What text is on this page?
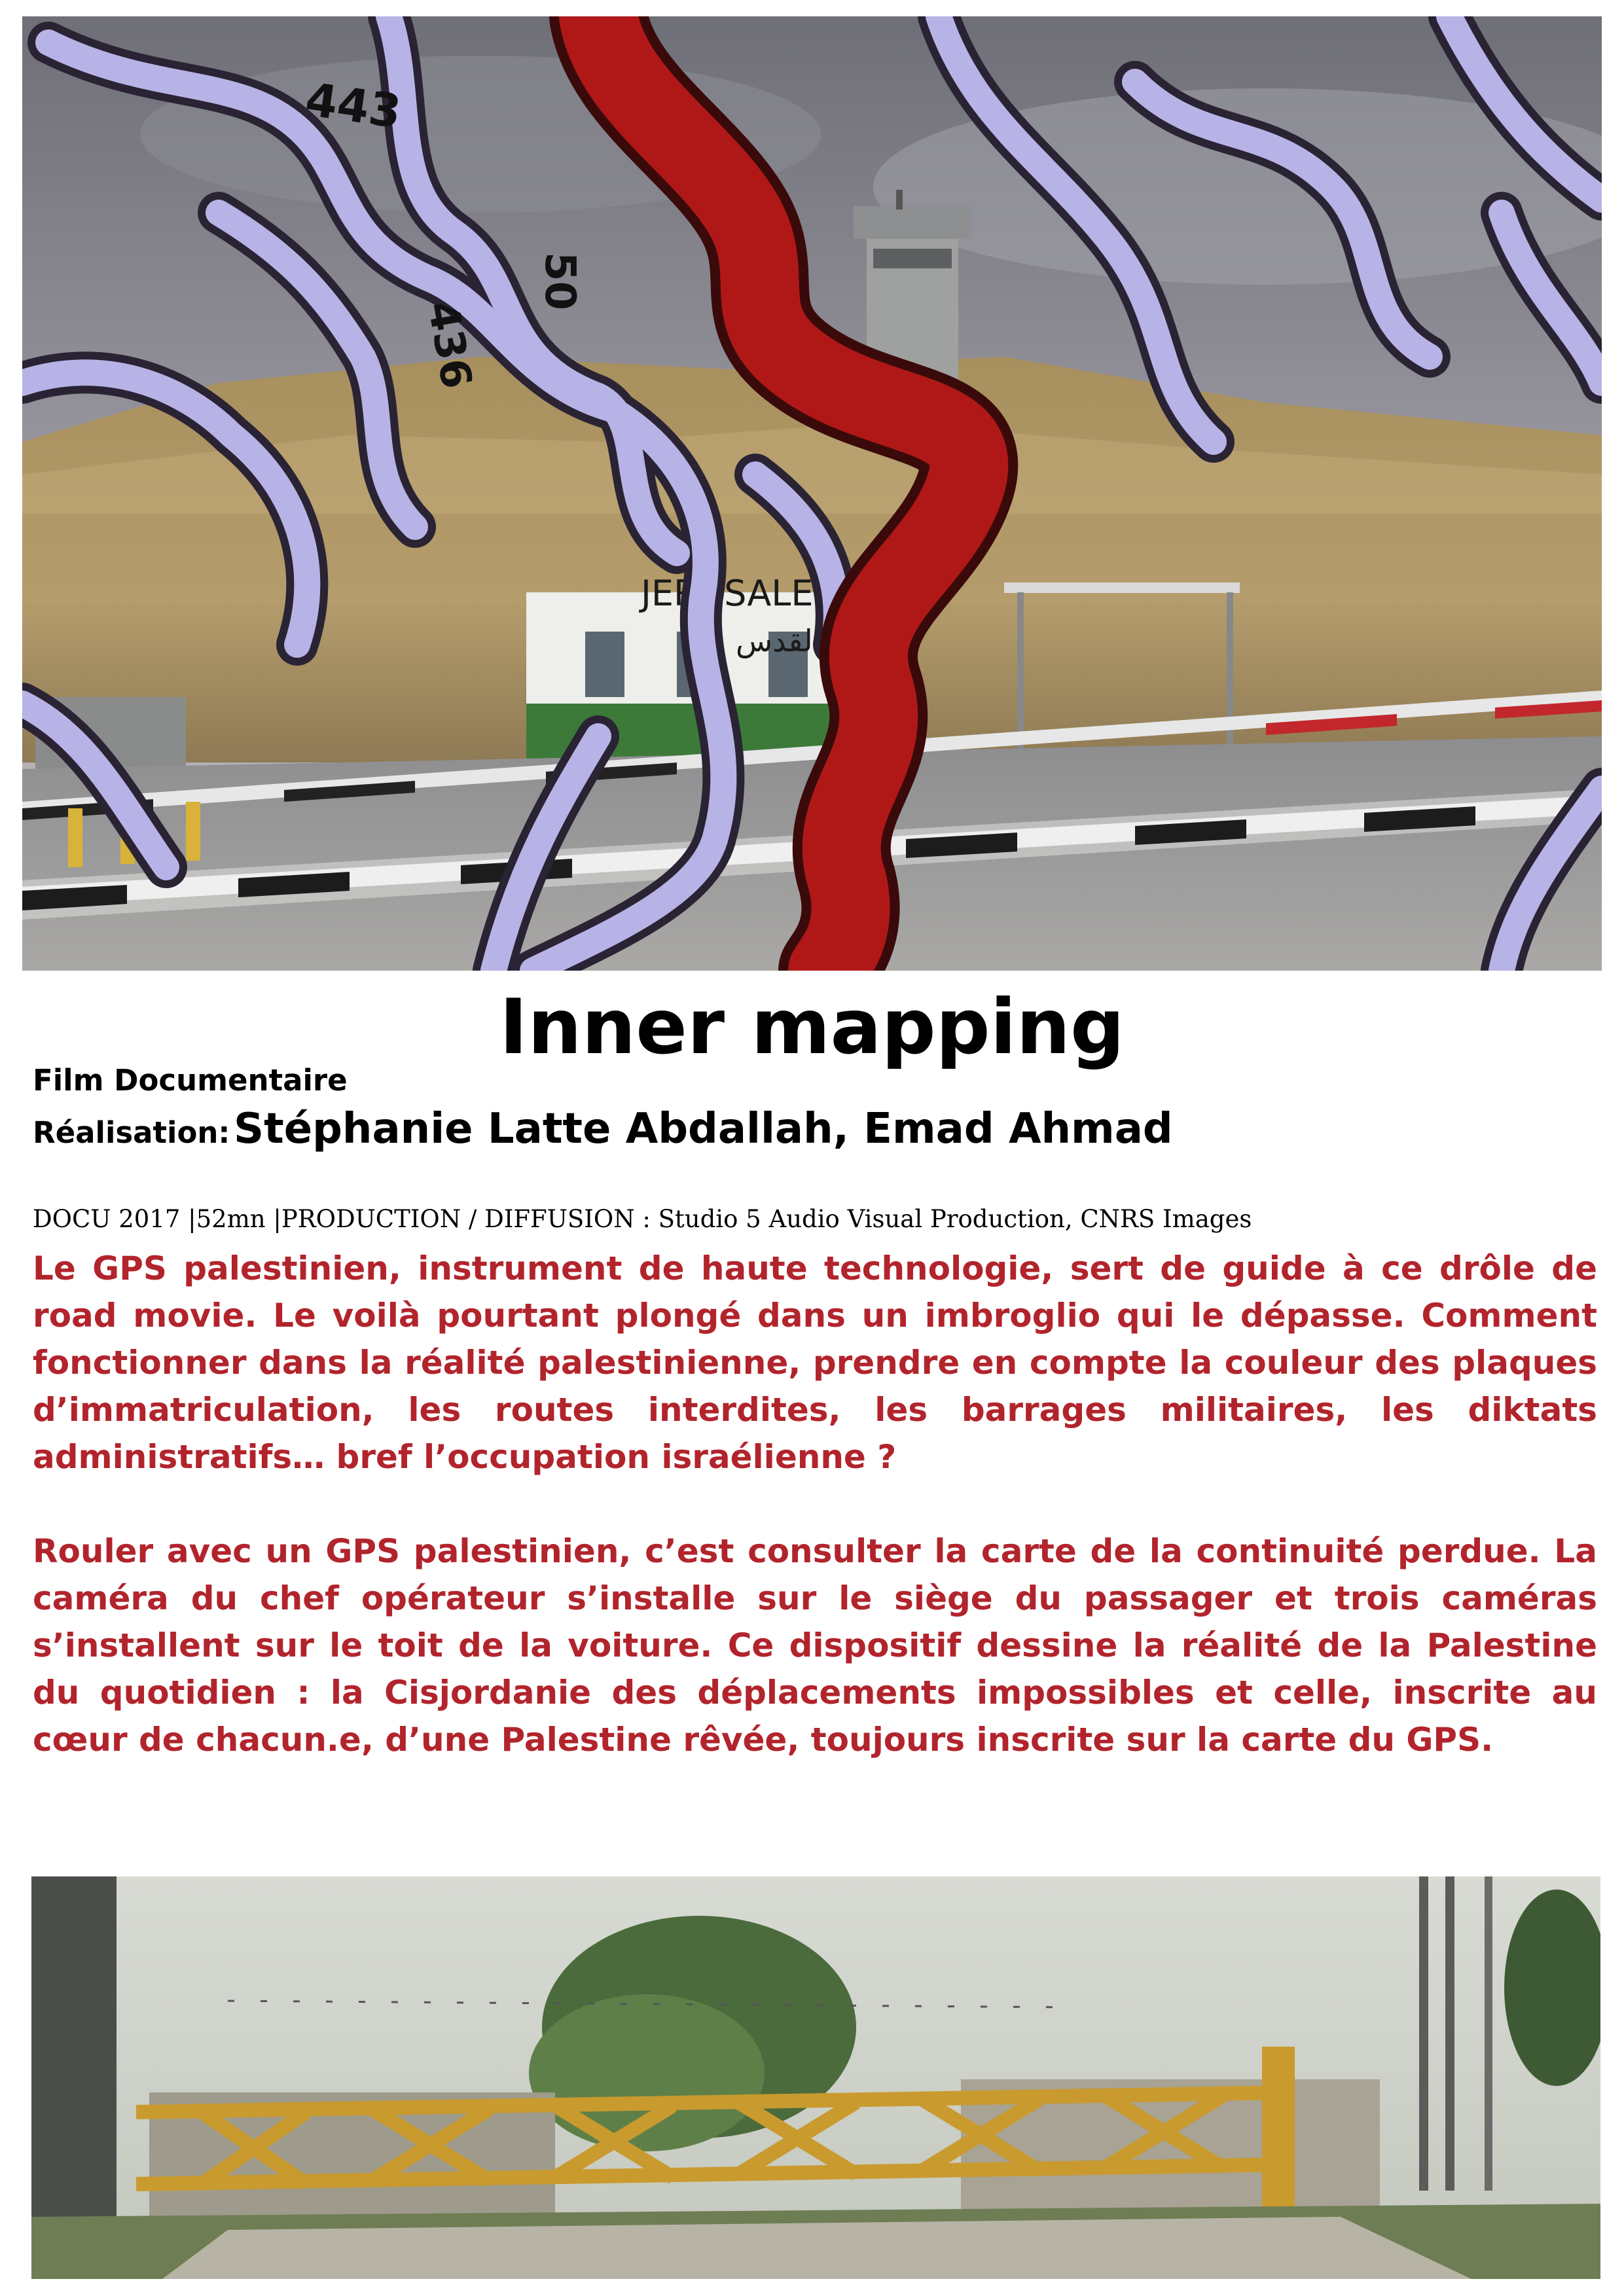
JERUSALEM
القدس
443
436
50
Inner mapping

Film Documentaire

Réalisation: Stéphanie Latte Abdallah, Emad Ahmad

DOCU 2017 |52mn |PRODUCTION / DIFFUSION : Studio 5 Audio Visual Production, CNRS Images

Le GPS palestinien, instrument de haute technologie, sert de guide à ce drôle de road movie. Le voilà pourtant plongé dans un imbroglio qui le dépasse. Comment fonctionner dans la réalité palestinienne, prendre en compte la couleur des plaques d’immatriculation, les routes interdites, les barrages militaires, les diktats administratifs… bref l’occupation israélienne ?

Rouler avec un GPS palestinien, c’est consulter la carte de la continuité perdue. La caméra du chef opérateur s’installe sur le siège du passager et trois caméras s’installent sur le toit de la voiture. Ce dispositif dessine la réalité de la Palestine du quotidien : la Cisjordanie des déplacements impossibles et celle, inscrite au cœur de chacun.e, d’une Palestine rêvée, toujours inscrite sur la carte du GPS.
